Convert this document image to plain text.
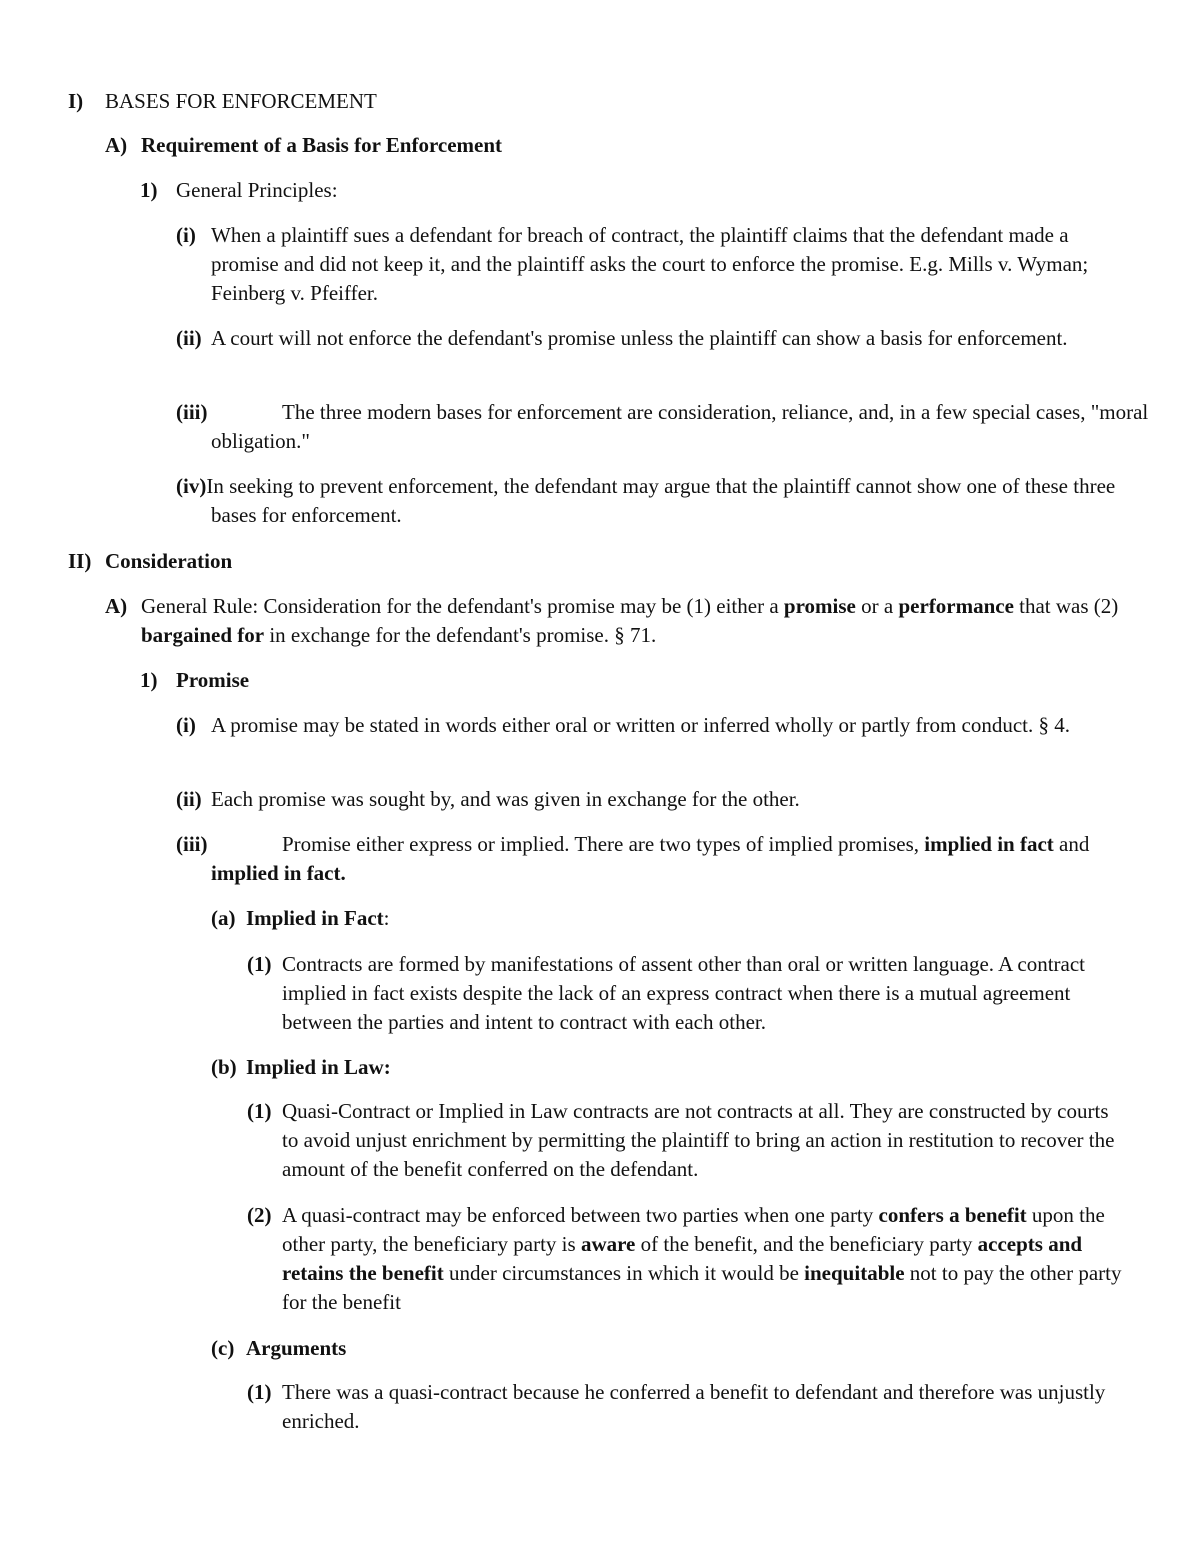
I)	BASES FOR ENFORCEMENT
A) Requirement of a Basis for Enforcement
1) General Principles:
(i) When a plaintiff sues a defendant for breach of contract, the plaintiff claims that the defendant made a promise and did not keep it, and the plaintiff asks the court to enforce the promise. E.g. Mills v. Wyman; Feinberg v. Pfeiffer.
(ii) A court will not enforce the defendant's promise unless the plaintiff can show a basis for enforcement.
(iii)	The three modern bases for enforcement are consideration, reliance, and, in a few special cases, "moral obligation."
(iv)In seeking to prevent enforcement, the defendant may argue that the plaintiff cannot show one of these three bases for enforcement.
II) Consideration
A) General Rule: Consideration for the defendant's promise may be (1) either a promise or a performance that was (2) bargained for in exchange for the defendant's promise. § 71.
1) Promise
(i) A promise may be stated in words either oral or written or inferred wholly or partly from conduct. § 4.
(ii) Each promise was sought by, and was given in exchange for the other.
(iii)	Promise either express or implied. There are two types of implied promises, implied in fact and implied in fact.
(a) Implied in Fact:
(1) Contracts are formed by manifestations of assent other than oral or written language. A contract implied in fact exists despite the lack of an express contract when there is a mutual agreement between the parties and intent to contract with each other.
(b) Implied in Law:
(1) Quasi-Contract or Implied in Law contracts are not contracts at all. They are constructed by courts to avoid unjust enrichment by permitting the plaintiff to bring an action in restitution to recover the amount of the benefit conferred on the defendant.
(2) A quasi-contract may be enforced between two parties when one party confers a benefit upon the other party, the beneficiary party is aware of the benefit, and the beneficiary party accepts and retains the benefit under circumstances in which it would be inequitable not to pay the other party for the benefit
(c) Arguments
(1) There was a quasi-contract because he conferred a benefit to defendant and therefore was unjustly enriched.
